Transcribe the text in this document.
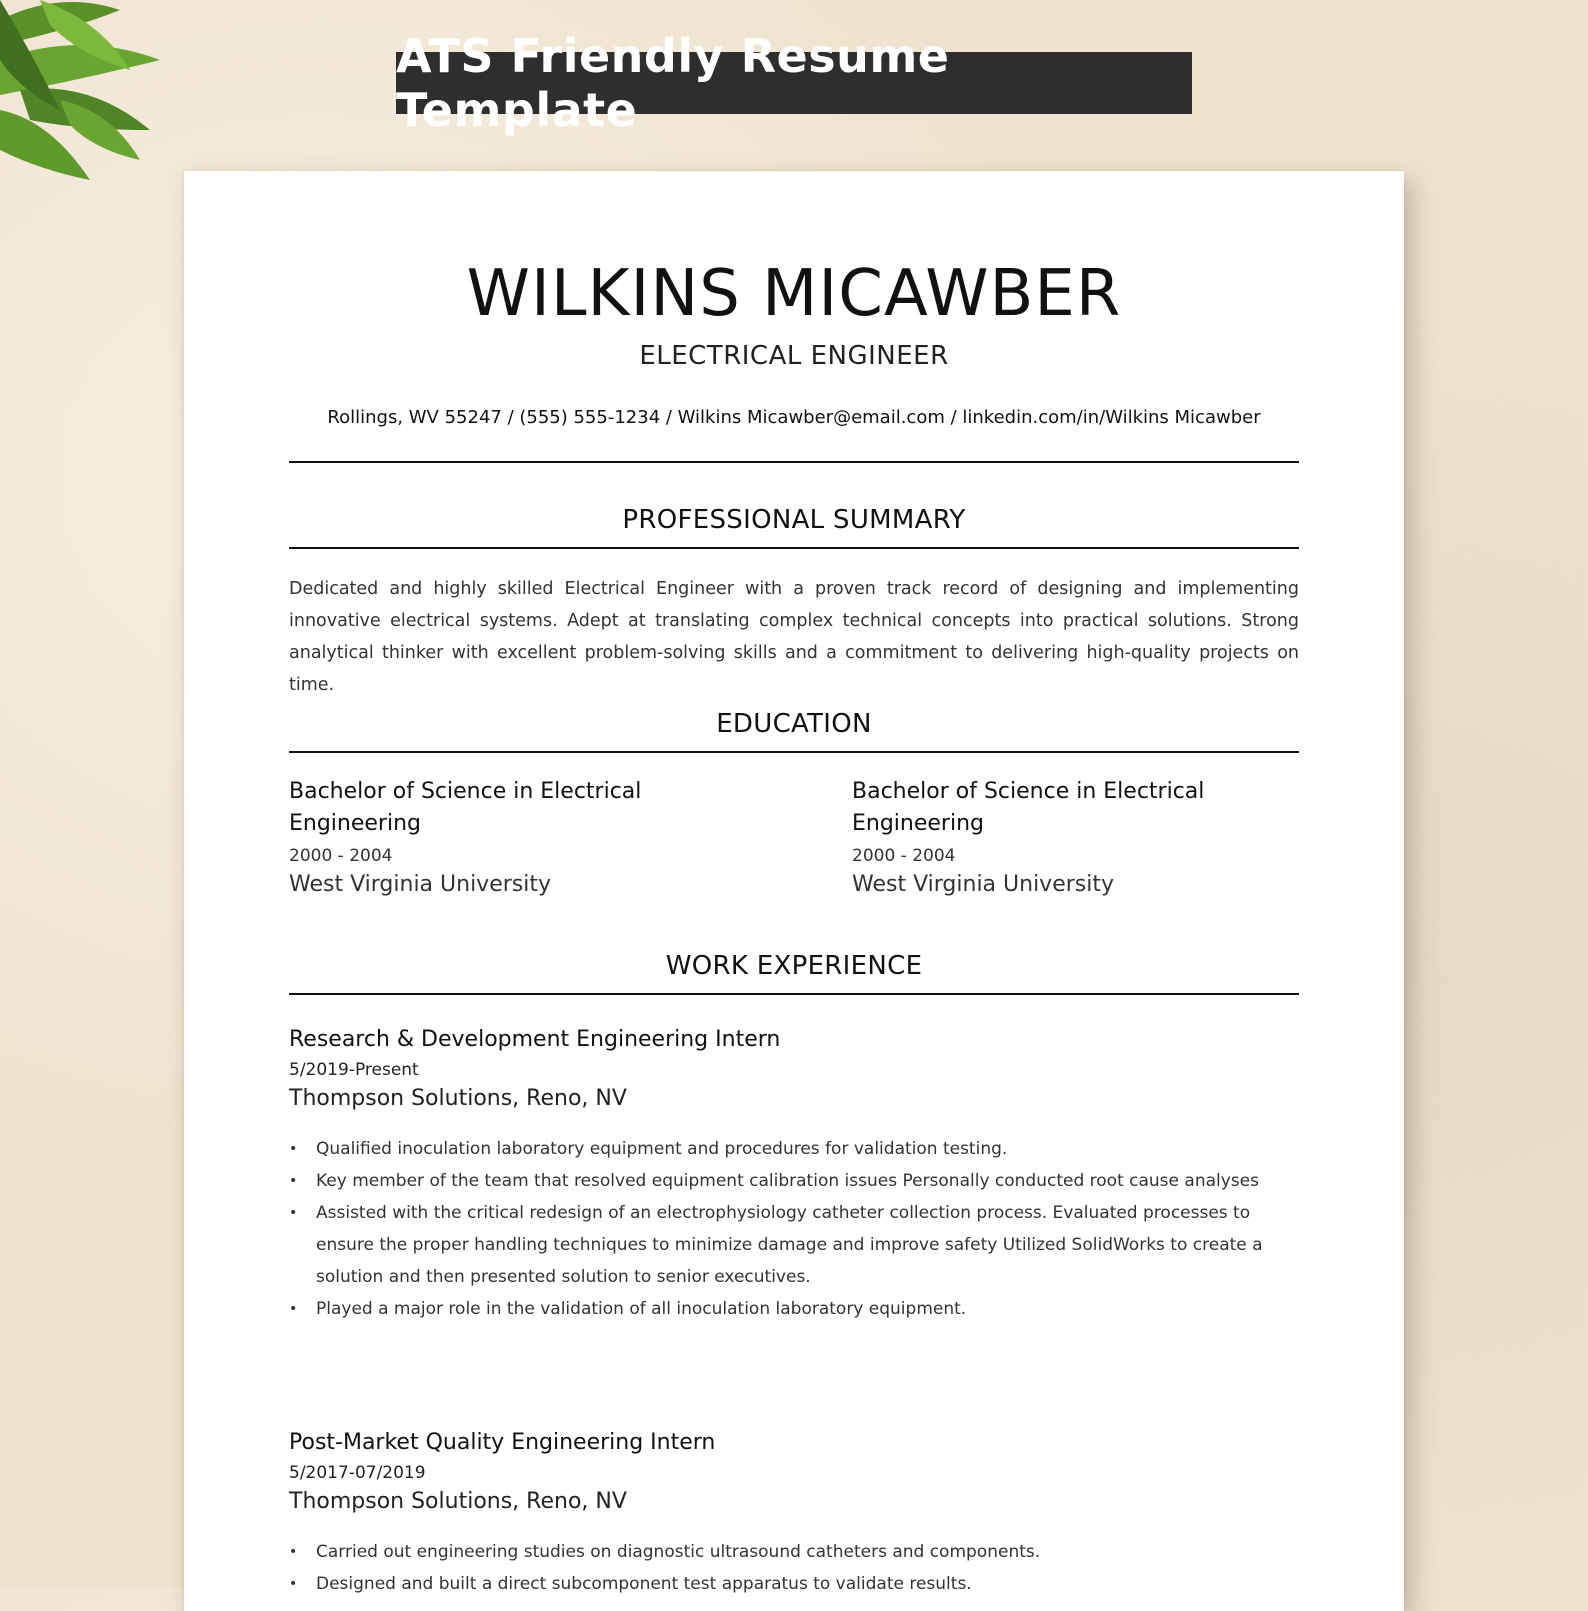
ATS Friendly Resume Template
WILKINS MICAWBER
ELECTRICAL ENGINEER
Rollings, WV 55247 / (555) 555-1234 / Wilkins Micawber@email.com / linkedin.com/in/Wilkins Micawber
PROFESSIONAL SUMMARY

Dedicated and highly skilled Electrical Engineer with a proven track record of designing and implementing innovative electrical systems. Adept at translating complex technical concepts into practical solutions. Strong analytical thinker with excellent problem-solving skills and a commitment to delivering high-quality projects on time.

EDUCATION

Bachelor of Science in Electrical Engineering

2000 - 2004

West Virginia University

Bachelor of Science in Electrical Engineering

2000 - 2004

West Virginia University

WORK EXPERIENCE

Research & Development Engineering Intern

5/2019-Present

Thompson Solutions, Reno, NV

• Qualified inoculation laboratory equipment and procedures for validation testing.
• Key member of the team that resolved equipment calibration issues Personally conducted root cause analyses
• Assisted with the critical redesign of an electrophysiology catheter collection process. Evaluated processes to ensure the proper handling techniques to minimize damage and improve safety Utilized SolidWorks to create a solution and then presented solution to senior executives.
• Played a major role in the validation of all inoculation laboratory equipment.

Post-Market Quality Engineering Intern

5/2017-07/2019

Thompson Solutions, Reno, NV

• Carried out engineering studies on diagnostic ultrasound catheters and components.
• Designed and built a direct subcomponent test apparatus to validate results.
